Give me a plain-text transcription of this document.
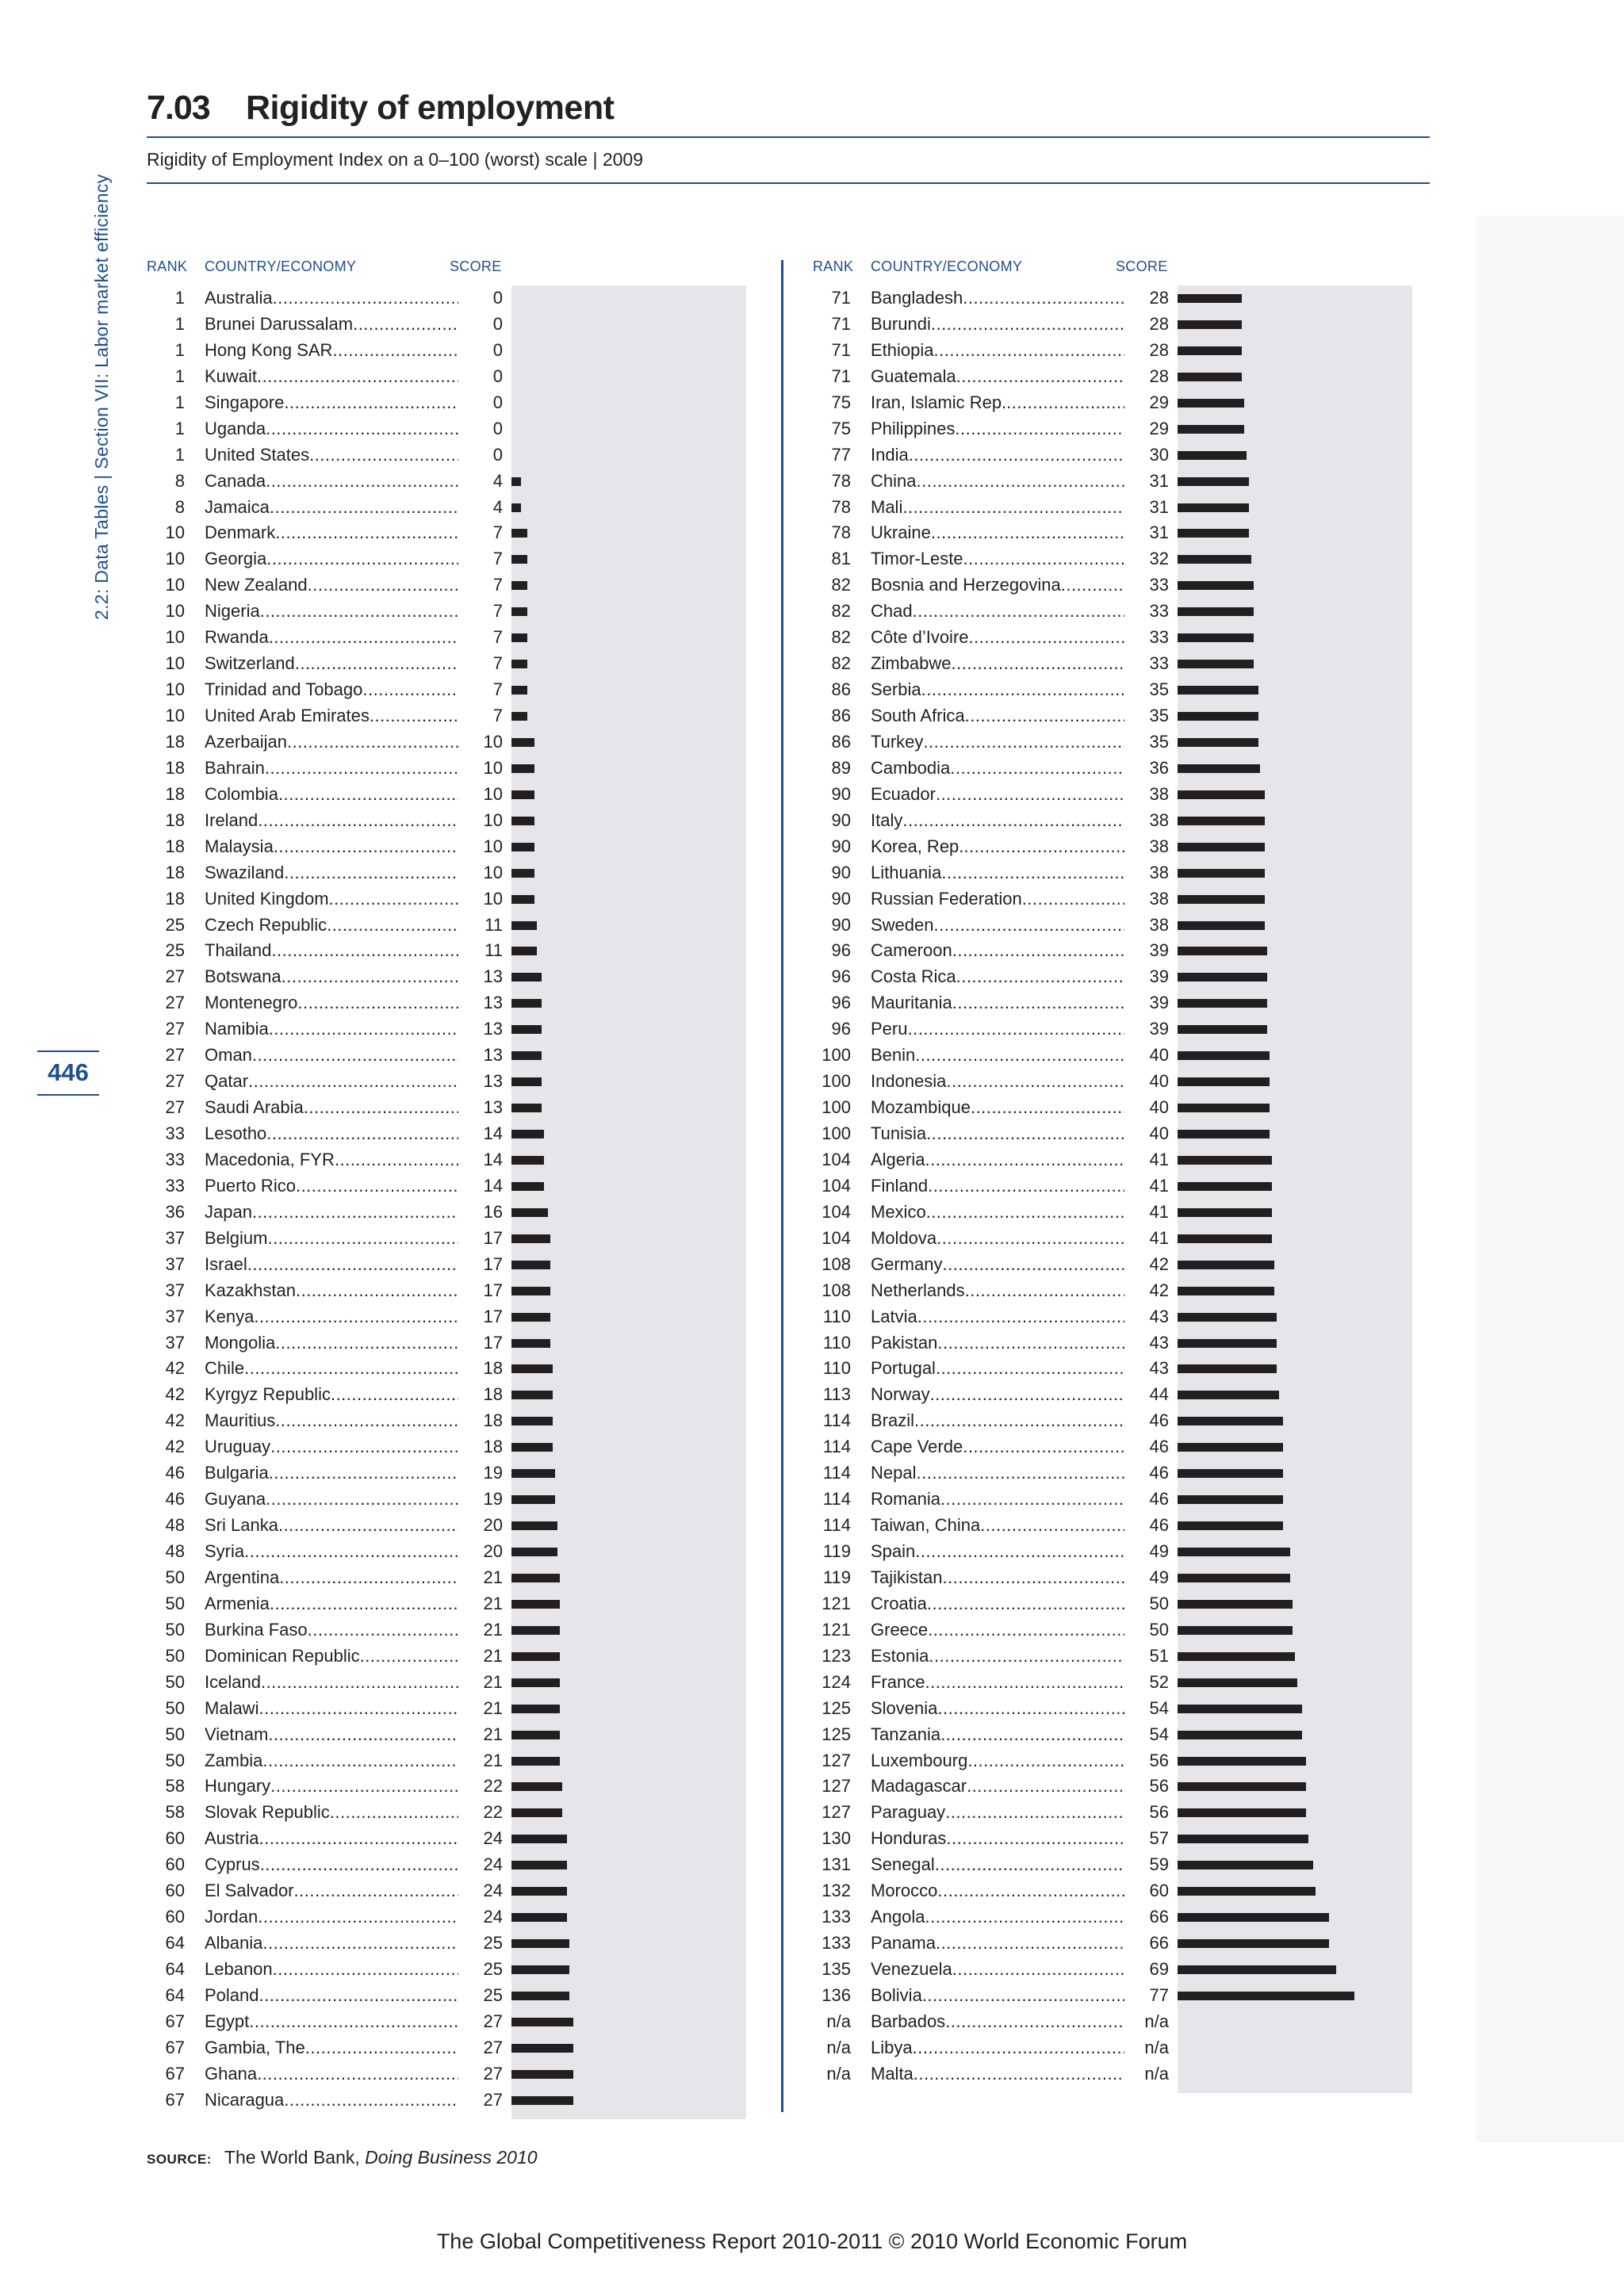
2.2: Data Tables | Section VII: Labor market efficiency
446
7.03	Rigidity of employment
Rigidity of Employment Index on a 0–100 (worst) scale | 2009
RANK COUNTRY/ECONOMY	SCORE
1 Australia .....	0
1 Brunei Darussalam .....	0
1 Hong Kong SAR .....	0
1 Kuwait .....	0
1 Singapore .....	0
1 Uganda .....	0
1 United States .....	0
8 Canada .....	4
8 Jamaica .....	4
10 Denmark .....	7
10 Georgia .....	7
10 New Zealand .....	7
10 Nigeria .....	7
10 Rwanda .....	7
10 Switzerland .....	7
10 Trinidad and Tobago .....	7
10 United Arab Emirates .....	7
18 Azerbaijan .....	10
18 Bahrain .....	10
18 Colombia .....	10
18 Ireland .....	10
18 Malaysia .....	10
18 Swaziland .....	10
18 United Kingdom .....	10
25 Czech Republic .....	11
25 Thailand .....	11
27 Botswana .....	13
27 Montenegro .....	13
27 Namibia .....	13
27 Oman .....	13
27 Qatar .....	13
27 Saudi Arabia .....	13
33 Lesotho .....	14
33 Macedonia, FYR .....	14
33 Puerto Rico .....	14
36 Japan .....	16
37 Belgium .....	17
37 Israel .....	17
37 Kazakhstan .....	17
37 Kenya .....	17
37 Mongolia .....	17
42 Chile .....	18
42 Kyrgyz Republic .....	18
42 Mauritius .....	18
42 Uruguay .....	18
46 Bulgaria .....	19
46 Guyana .....	19
48 Sri Lanka .....	20
48 Syria .....	20
50 Argentina .....	21
50 Armenia .....	21
50 Burkina Faso .....	21
50 Dominican Republic .....	21
50 Iceland .....	21
50 Malawi .....	21
50 Vietnam .....	21
50 Zambia .....	21
58 Hungary .....	22
58 Slovak Republic .....	22
60 Austria .....	24
60 Cyprus .....	24
60 El Salvador .....	24
60 Jordan .....	24
64 Albania .....	25
64 Lebanon .....	25
64 Poland .....	25
67 Egypt .....	27
67 Gambia, The .....	27
67 Ghana .....	27
67 Nicaragua .....	27
RANK COUNTRY/ECONOMY	SCORE
71 Bangladesh .....	28
71 Burundi .....	28
71 Ethiopia .....	28
71 Guatemala .....	28
75 Iran, Islamic Rep. .....	29
75 Philippines .....	29
77 India .....	30
78 China .....	31
78 Mali .....	31
78 Ukraine .....	31
81 Timor-Leste .....	32
82 Bosnia and Herzegovina .....	33
82 Chad .....	33
82 Côte d’Ivoire .....	33
82 Zimbabwe .....	33
86 Serbia .....	35
86 South Africa .....	35
86 Turkey .....	35
89 Cambodia .....	36
90 Ecuador .....	38
90 Italy .....	38
90 Korea, Rep. .....	38
90 Lithuania .....	38
90 Russian Federation .....	38
90 Sweden .....	38
96 Cameroon .....	39
96 Costa Rica .....	39
96 Mauritania .....	39
96 Peru .....	39
100 Benin .....	40
100 Indonesia .....	40
100 Mozambique .....	40
100 Tunisia .....	40
104 Algeria .....	41
104 Finland .....	41
104 Mexico .....	41
104 Moldova .....	41
108 Germany .....	42
108 Netherlands .....	42
110 Latvia .....	43
110 Pakistan .....	43
110 Portugal .....	43
113 Norway .....	44
114 Brazil .....	46
114 Cape Verde .....	46
114 Nepal .....	46
114 Romania .....	46
114 Taiwan, China .....	46
119 Spain .....	49
119 Tajikistan .....	49
121 Croatia .....	50
121 Greece .....	50
123 Estonia .....	51
124 France .....	52
125 Slovenia .....	54
125 Tanzania .....	54
127 Luxembourg .....	56
127 Madagascar .....	56
127 Paraguay .....	56
130 Honduras .....	57
131 Senegal .....	59
132 Morocco .....	60
133 Angola .....	66
133 Panama .....	66
135 Venezuela .....	69
136 Bolivia .....	77
n/a Barbados .....	n/a
n/a Libya .....	n/a
n/a Malta .....	n/a
SOURCE: The World Bank, Doing Business 2010
The Global Competitiveness Report 2010-2011 © 2010 World Economic Forum
